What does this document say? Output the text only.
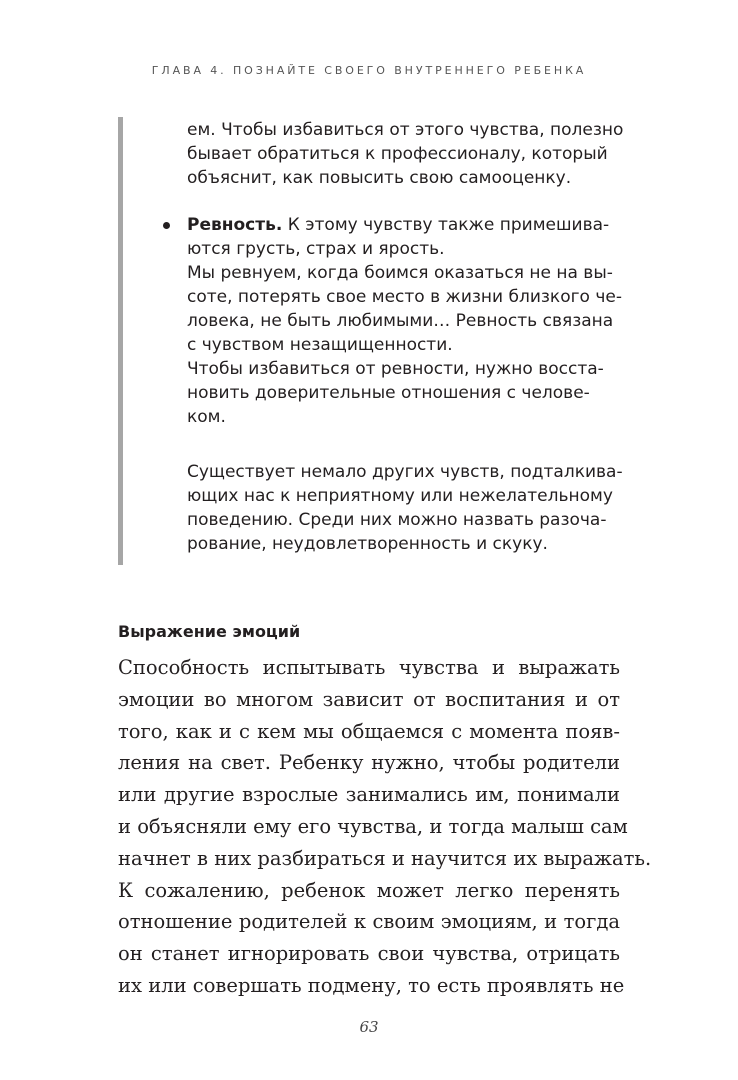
ГЛАВА 4. ПОЗНАЙТЕ СВОЕГО ВНУТРЕННЕГО РЕБЕНКА
ем. Чтобы избавиться от этого чувства, полезно
бывает обратиться к профессионалу, который
объяснит, как повысить свою самооценку.
Ревность. К этому чувству также примешива-
ются грусть, страх и ярость.
Мы ревнуем, когда боимся оказаться не на вы-
соте, потерять свое место в жизни близкого че-
ловека, не быть любимыми… Ревность связана
с чувством незащищенности.
Чтобы избавиться от ревности, нужно восста-
новить доверительные отношения с челове-
ком.
Существует немало других чувств, подталкива-
ющих нас к неприятному или нежелательному
поведению. Среди них можно назвать разоча-
рование, неудовлетворенность и скуку.
Выражение эмоций
Способность испытывать чувства и выражать
эмоции во многом зависит от воспитания и от
того, как и с кем мы общаемся с момента появ-
ления на свет. Ребенку нужно, чтобы родители
или другие взрослые занимались им, понимали
и объясняли ему его чувства, и тогда малыш сам
начнет в них разбираться и научится их выражать.
К сожалению, ребенок может легко перенять
отношение родителей к своим эмоциям, и тогда
он станет игнорировать свои чувства, отрицать
их или совершать подмену, то есть проявлять не
63
